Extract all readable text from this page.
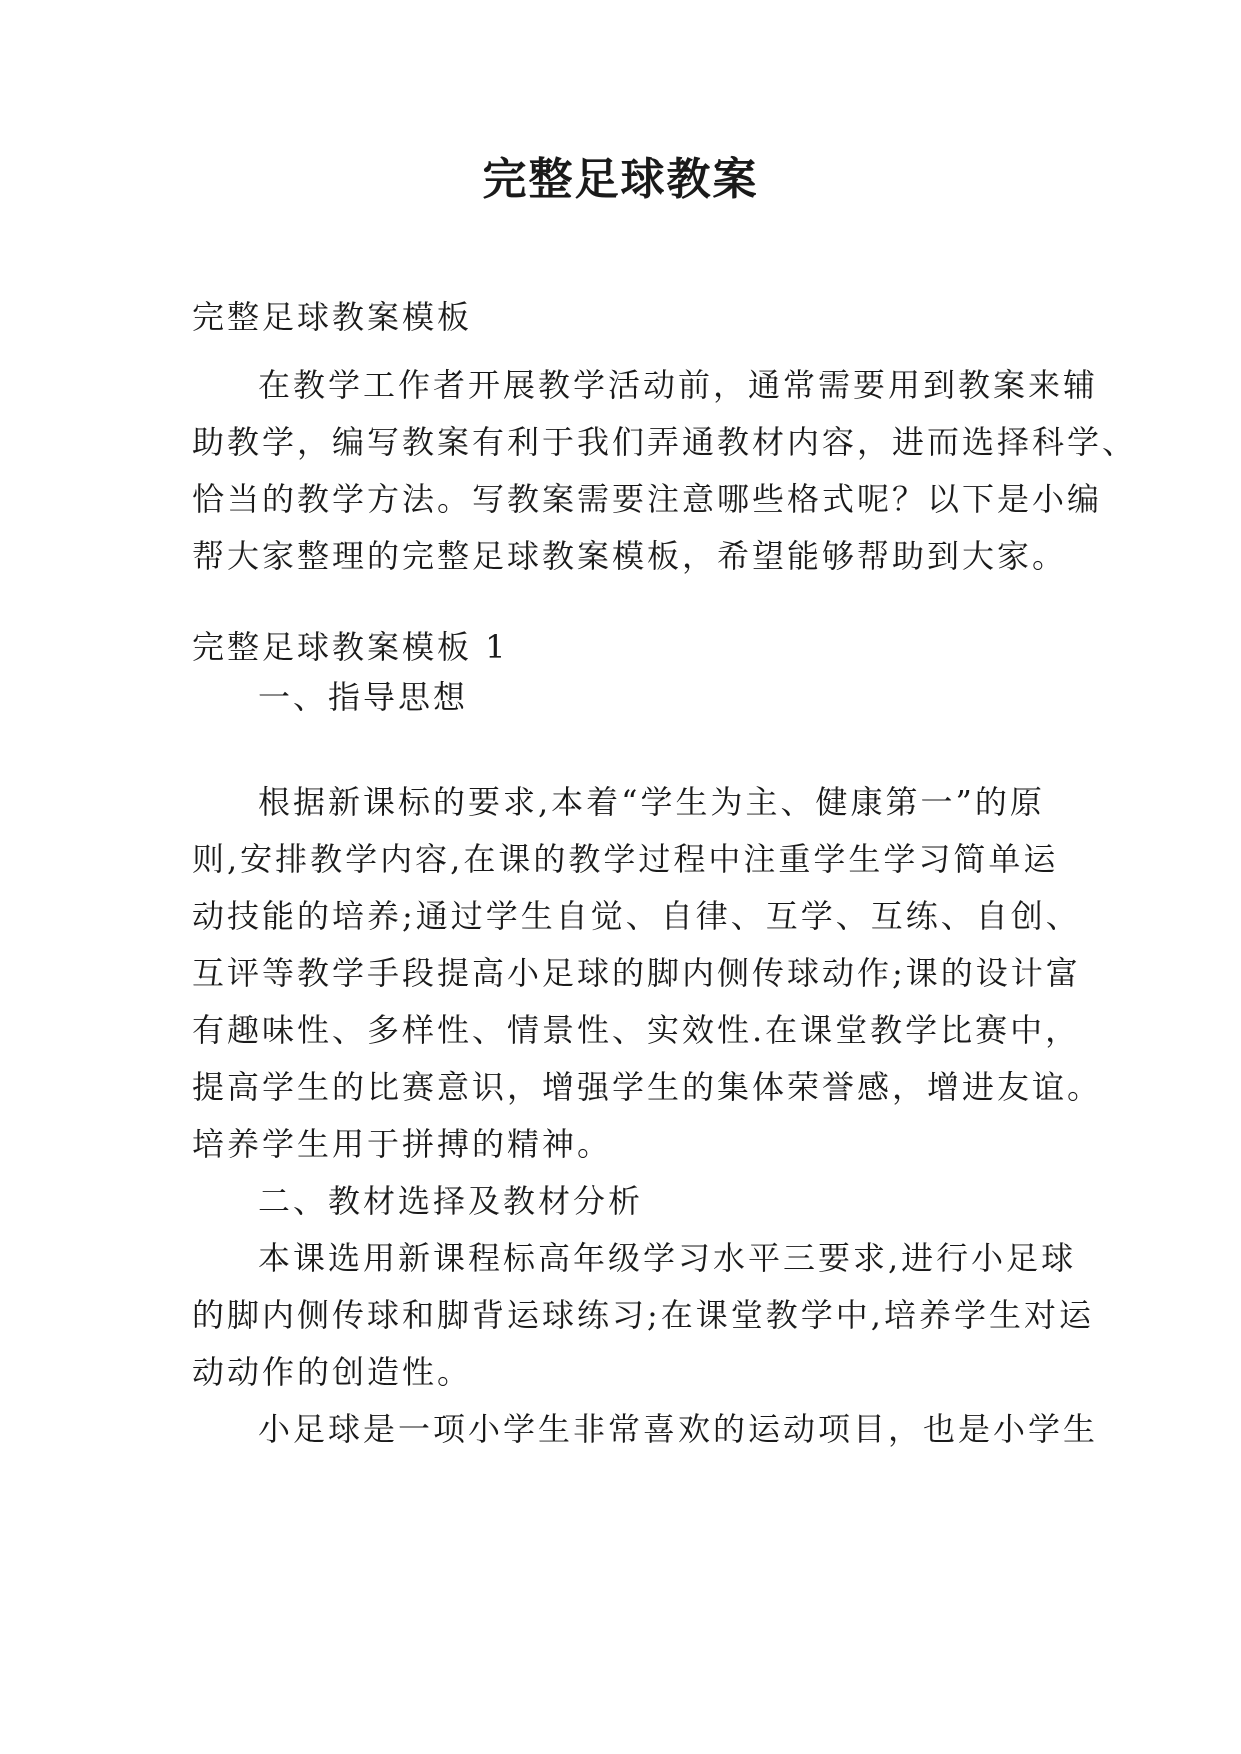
完整足球教案
完整足球教案模板
在教学工作者开展教学活动前，通常需要用到教案来辅
助教学，编写教案有利于我们弄通教材内容，进而选择科学、
恰当的教学方法。写教案需要注意哪些格式呢？以下是小编
帮大家整理的完整足球教案模板，希望能够帮助到大家。
完整足球教案模板 1
一、指导思想
根据新课标的要求,本着“学生为主、健康第一”的原
则,安排教学内容,在课的教学过程中注重学生学习简单运
动技能的培养;通过学生自觉、自律、互学、互练、自创、
互评等教学手段提高小足球的脚内侧传球动作;课的设计富
有趣味性、多样性、情景性、实效性.在课堂教学比赛中，
提高学生的比赛意识，增强学生的集体荣誉感，增进友谊。
培养学生用于拼搏的精神。
二、教材选择及教材分析
本课选用新课程标高年级学习水平三要求,进行小足球
的脚内侧传球和脚背运球练习;在课堂教学中,培养学生对运
动动作的创造性。
小足球是一项小学生非常喜欢的运动项目，也是小学生
